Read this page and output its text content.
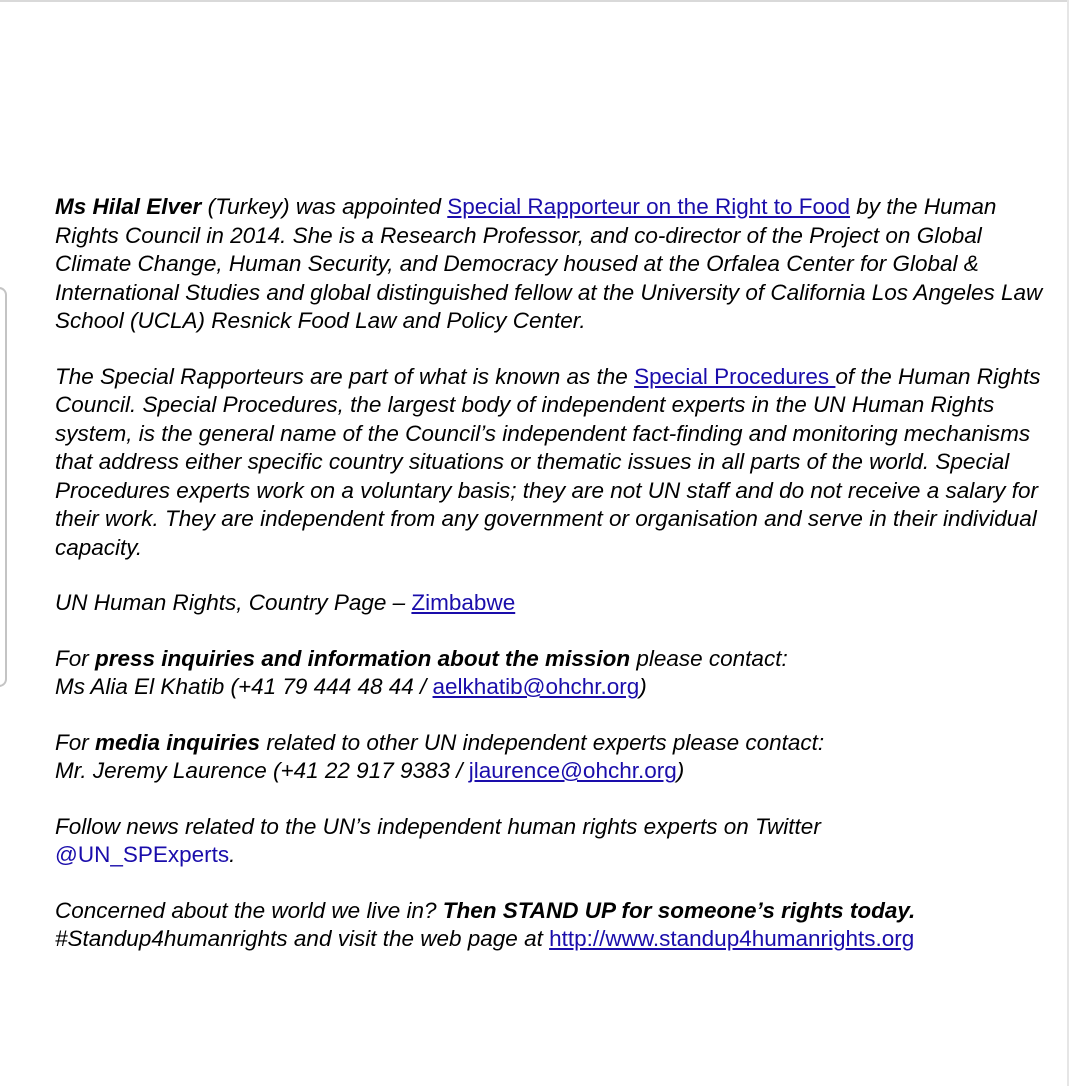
Ms Hilal Elver (Turkey) was appointed Special Rapporteur on the Right to Food by the Human Rights Council in 2014. She is a Research Professor, and co-director of the Project on Global Climate Change, Human Security, and Democracy housed at the Orfalea Center for Global & International Studies and global distinguished fellow at the University of California Los Angeles Law School (UCLA) Resnick Food Law and Policy Center.

The Special Rapporteurs are part of what is known as the Special Procedures of the Human Rights Council. Special Procedures, the largest body of independent experts in the UN Human Rights system, is the general name of the Council’s independent fact-finding and monitoring mechanisms that address either specific country situations or thematic issues in all parts of the world. Special Procedures experts work on a voluntary basis; they are not UN staff and do not receive a salary for their work. They are independent from any government or organisation and serve in their individual capacity.

UN Human Rights, Country Page – Zimbabwe

For press inquiries and information about the mission please contact:
Ms Alia El Khatib (+41 79 444 48 44 / aelkhatib@ohchr.org)

For media inquiries related to other UN independent experts please contact:
Mr. Jeremy Laurence (+41 22 917 9383 / jlaurence@ohchr.org)

Follow news related to the UN’s independent human rights experts on Twitter
@UN_SPExperts.

Concerned about the world we live in? Then STAND UP for someone’s rights today.
#Standup4humanrights and visit the web page at http://www.standup4humanrights.org
